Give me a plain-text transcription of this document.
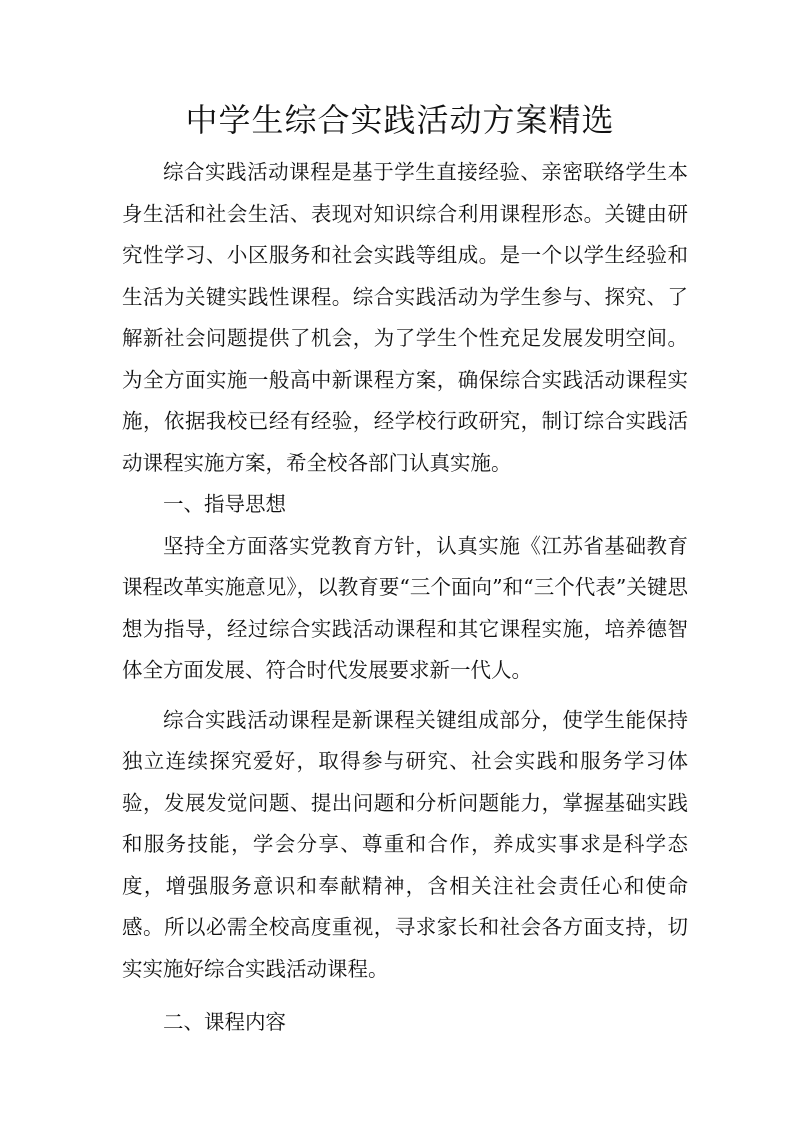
中学生综合实践活动方案精选

综合实践活动课程是基于学生直接经验、亲密联络学生本身生活和社会生活、表现对知识综合利用课程形态。关键由研究性学习、小区服务和社会实践等组成。是一个以学生经验和生活为关键实践性课程。综合实践活动为学生参与、探究、了解新社会问题提供了机会，为了学生个性充足发展发明空间。为全方面实施一般高中新课程方案，确保综合实践活动课程实施，依据我校已经有经验，经学校行政研究，制订综合实践活动课程实施方案，希全校各部门认真实施。

一、指导思想

坚持全方面落实党教育方针，认真实施《江苏省基础教育课程改革实施意见》，以教育要“三个面向”和“三个代表”关键思想为指导，经过综合实践活动课程和其它课程实施，培养德智体全方面发展、符合时代发展要求新一代人。

综合实践活动课程是新课程关键组成部分，使学生能保持独立连续探究爱好，取得参与研究、社会实践和服务学习体验，发展发觉问题、提出问题和分析问题能力，掌握基础实践和服务技能，学会分享、尊重和合作，养成实事求是科学态度，增强服务意识和奉献精神，含相关注社会责任心和使命感。所以必需全校高度重视，寻求家长和社会各方面支持，切实实施好综合实践活动课程。

二、课程内容
